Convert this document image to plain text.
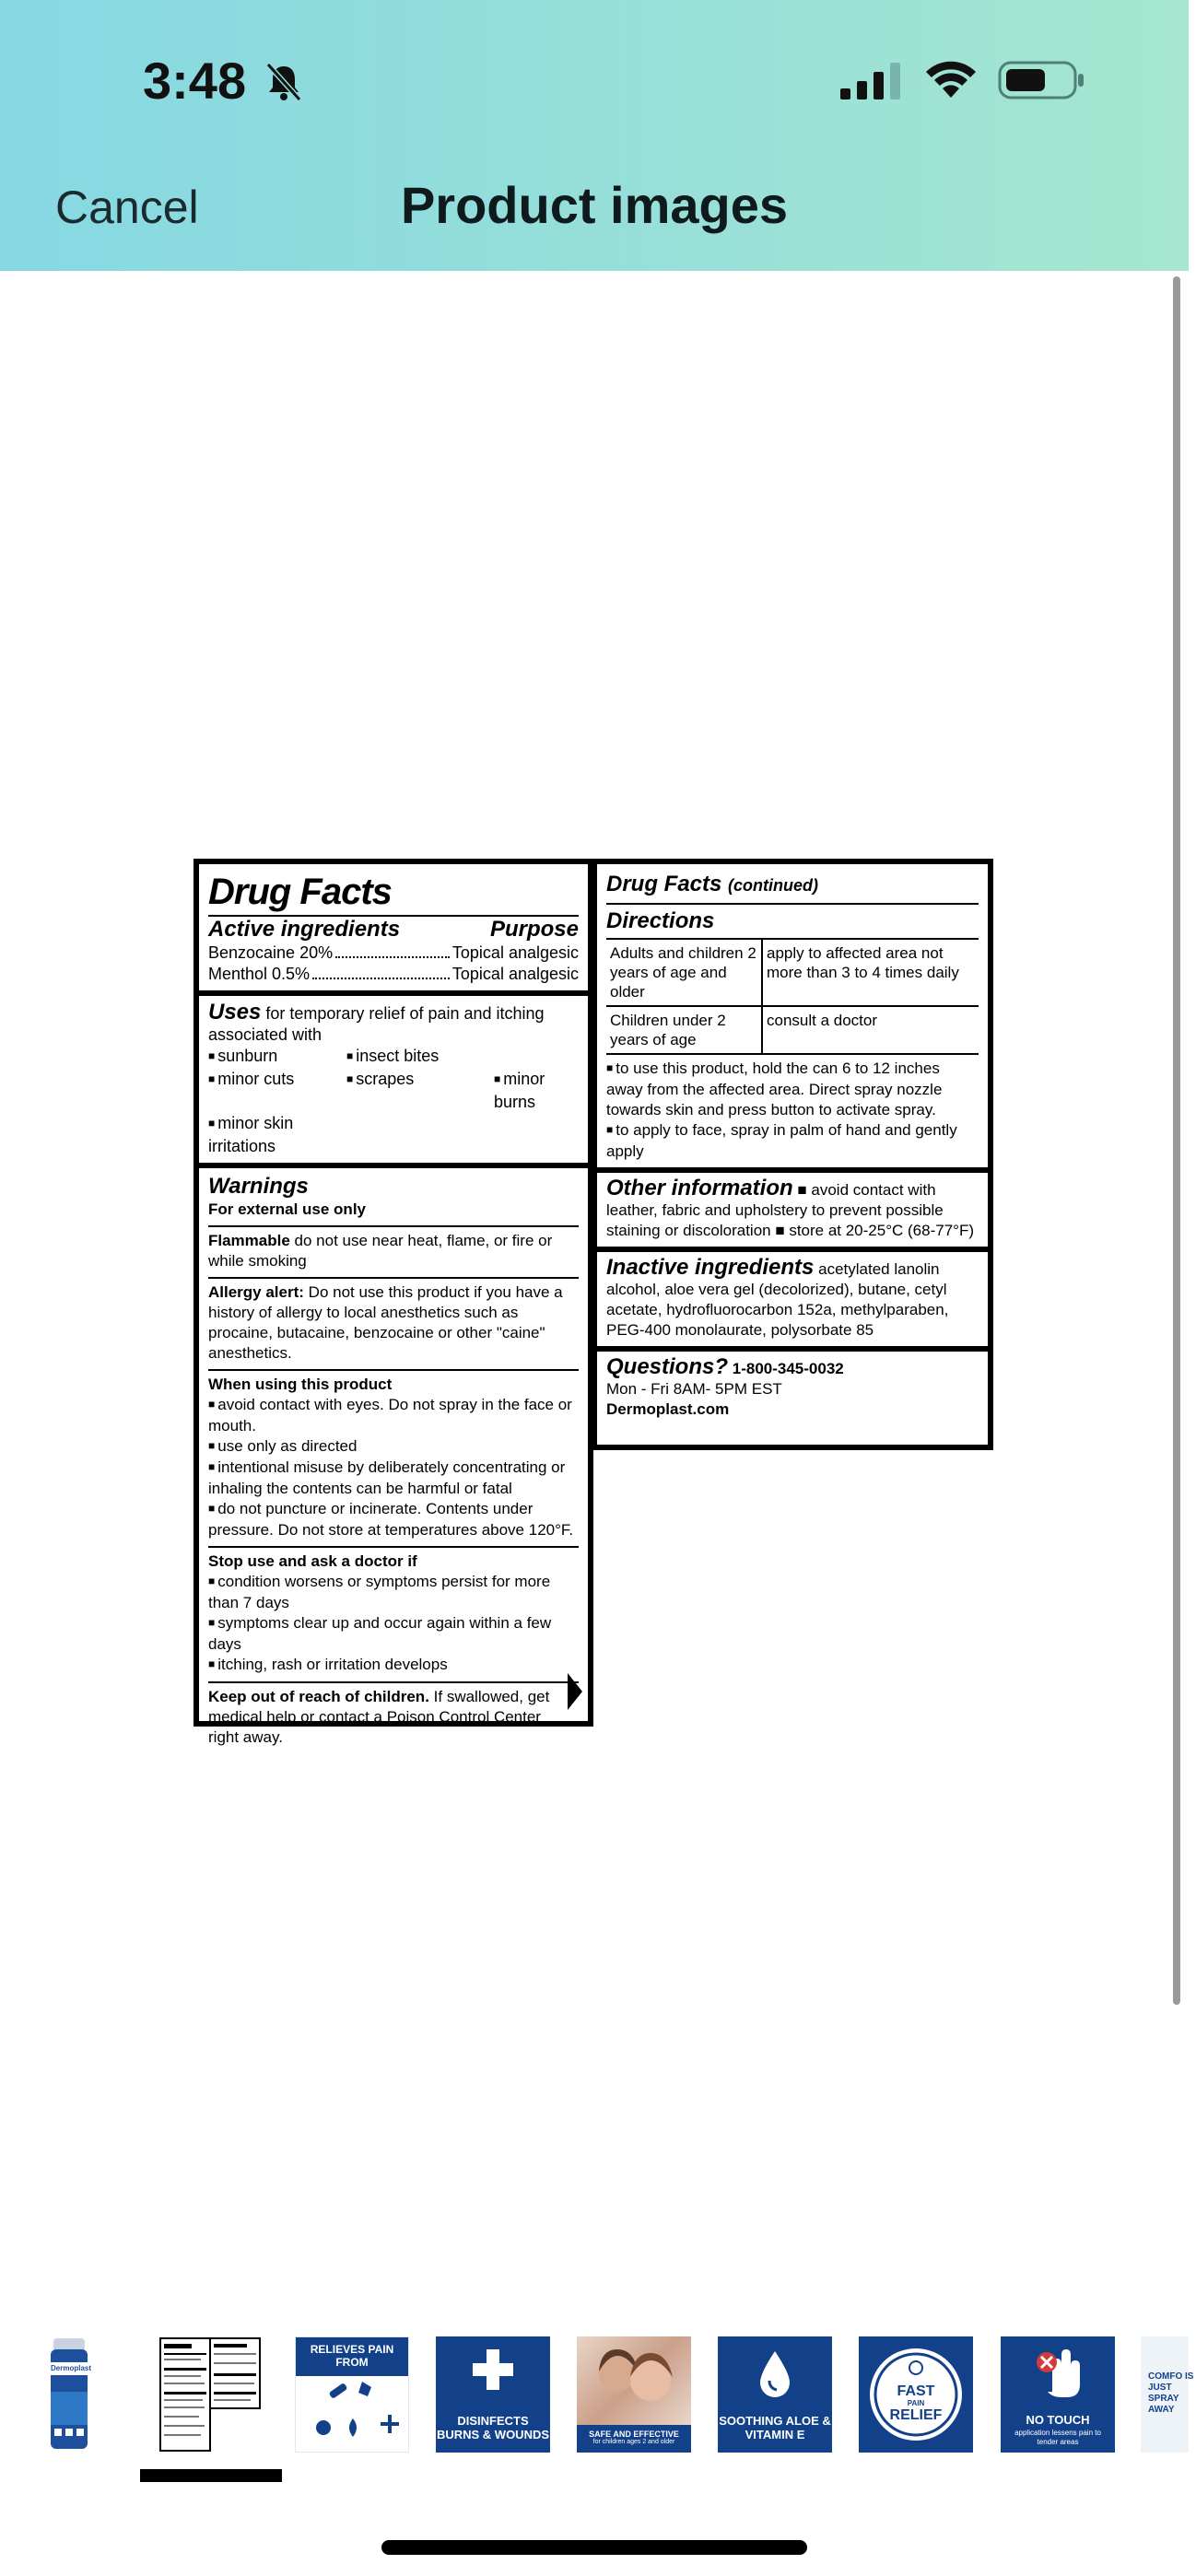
3:48
Cancel	Product images
Drug Facts
Active ingredients	Purpose
Benzocaine 20%	Topical analgesic
Menthol 0.5%	Topical analgesic
Uses for temporary relief of pain and itching associated with
■ sunburn	■ insect bites
■ minor cuts	■ scrapes	■ minor burns
■ minor skin irritations
Warnings
For external use only
Flammable do not use near heat, flame, or fire or while smoking
Allergy alert: Do not use this product if you have a history of allergy to local anesthetics such as procaine, butacaine, benzocaine or other "caine" anesthetics.
When using this product
■ avoid contact with eyes. Do not spray in the face or mouth.
■ use only as directed
■ intentional misuse by deliberately concentrating or inhaling the contents can be harmful or fatal
■ do not puncture or incinerate. Contents under pressure. Do not store at temperatures above 120°F.
Stop use and ask a doctor if
■ condition worsens or symptoms persist for more than 7 days
■ symptoms clear up and occur again within a few days
■ itching, rash or irritation develops
Keep out of reach of children. If swallowed, get medical help or contact a Poison Control Center right away.
Drug Facts (continued)
Directions
Adults and children 2 years of age and older
apply to affected area not more than 3 to 4 times daily
Children under 2 years of age
consult a doctor
■ to use this product, hold the can 6 to 12 inches away from the affected area. Direct spray nozzle towards skin and press button to activate spray.
■ to apply to face, spray in palm of hand and gently apply
Other information ■ avoid contact with leather, fabric and upholstery to prevent possible staining or discoloration ■ store at 20-25°C (68-77°F)
Inactive ingredients acetylated lanolin alcohol, aloe vera gel (decolorized), butane, cetyl acetate, hydrofluorocarbon 152a, methylparaben, PEG-400 monolaurate, polysorbate 85
Questions? 1-800-345-0032
Mon - Fri 8AM- 5PM EST
Dermoplast.com
Dermoplast
RELIEVES PAIN FROM
DISINFECTS BURNS & WOUNDS	SAFE AND EFFECTIVE
for children ages 2 and older
SOOTHING ALOE & VITAMIN E
FAST
PAIN
RELIEF	NO TOUCH
application lessens pain to tender areas
COMFO IS JUST SPRAY AWAY
